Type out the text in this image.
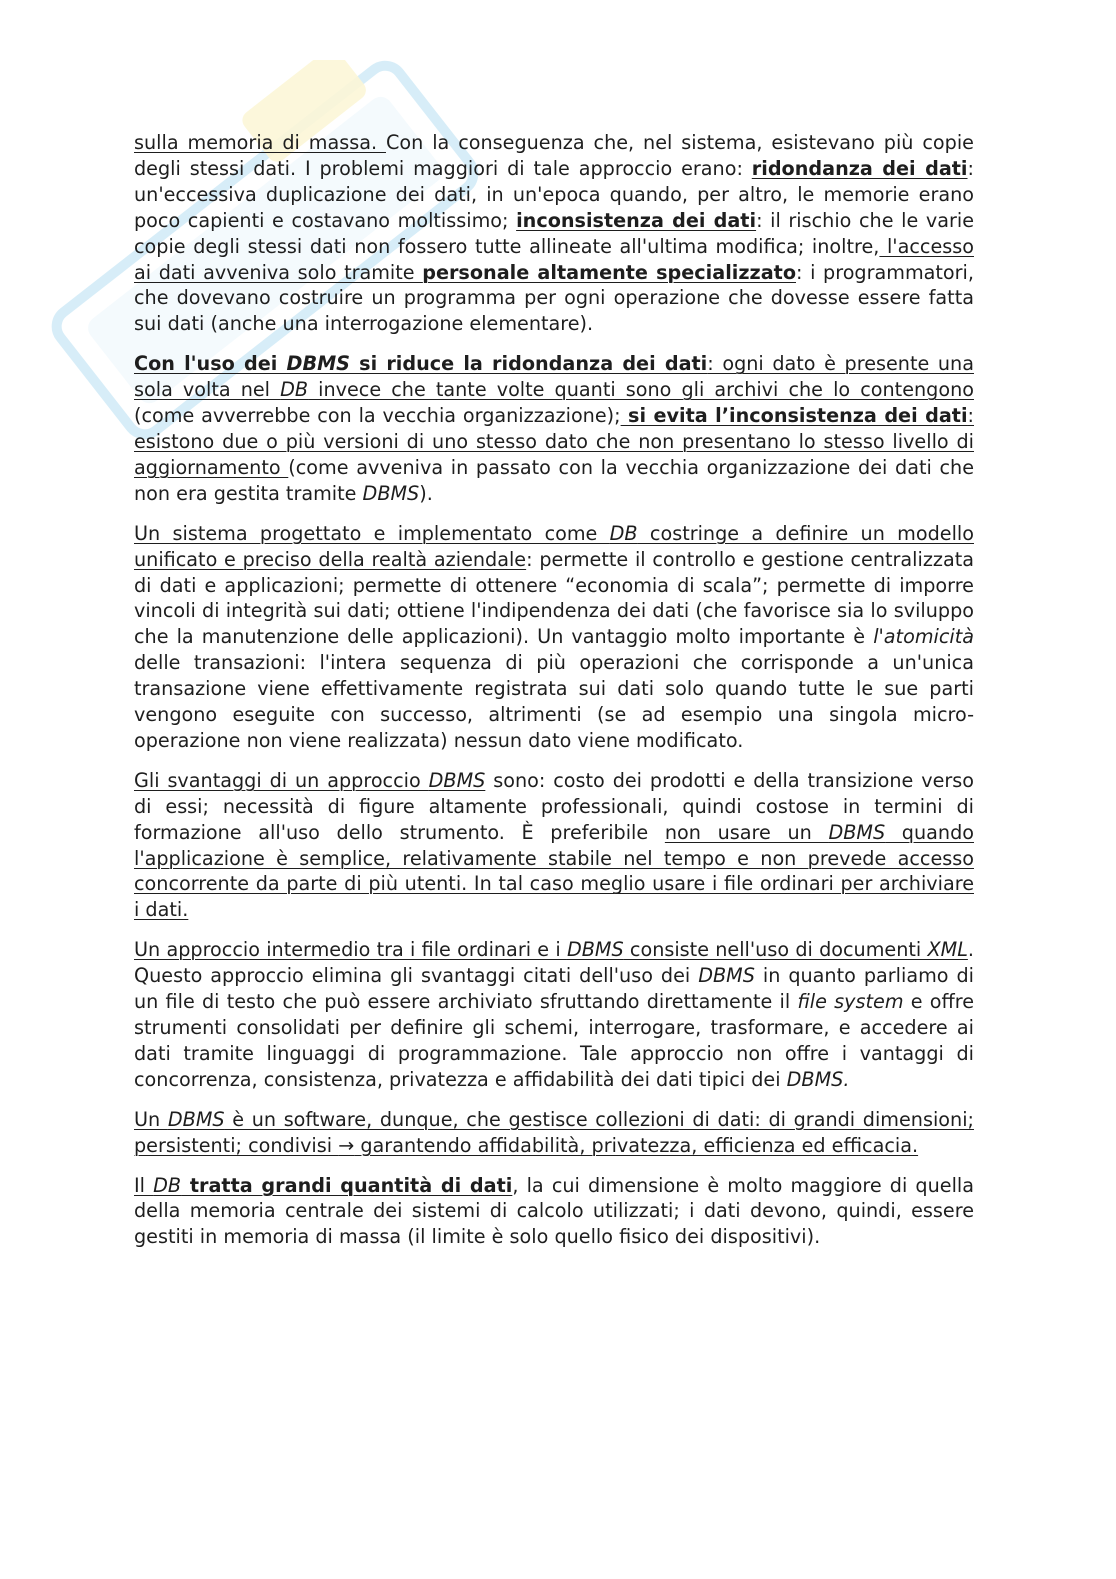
sulla memoria di massa. Con la conseguenza che, nel sistema, esistevano più copie degli stessi dati. I problemi maggiori di tale approccio erano: ridondanza dei dati: un'eccessiva duplicazione dei dati, in un'epoca quando, per altro, le memorie erano poco capienti e costavano moltissimo; inconsistenza dei dati: il rischio che le varie copie degli stessi dati non fossero tutte allineate all'ultima modifica; inoltre, l'accesso ai dati avveniva solo tramite personale altamente specializzato: i programmatori, che dovevano costruire un programma per ogni operazione che dovesse essere fatta sui dati (anche una interrogazione elementare).

Con l'uso dei DBMS si riduce la ridondanza dei dati: ogni dato è presente una sola volta nel DB invece che tante volte quanti sono gli archivi che lo contengono (come avverrebbe con la vecchia organizzazione); si evita l’inconsistenza dei dati: esistono due o più versioni di uno stesso dato che non presentano lo stesso livello di aggiornamento (come avveniva in passato con la vecchia organizzazione dei dati che non era gestita tramite DBMS).

Un sistema progettato e implementato come DB costringe a definire un modello unificato e preciso della realtà aziendale: permette il controllo e gestione centralizzata di dati e applicazioni; permette di ottenere “economia di scala”; permette di imporre vincoli di integrità sui dati; ottiene l'indipendenza dei dati (che favorisce sia lo sviluppo che la manutenzione delle applicazioni). Un vantaggio molto importante è l'atomicità delle transazioni: l'intera sequenza di più operazioni che corrisponde a un'unica transazione viene effettivamente registrata sui dati solo quando tutte le sue parti vengono eseguite con successo, altrimenti (se ad esempio una singola micro-operazione non viene realizzata) nessun dato viene modificato.

Gli svantaggi di un approccio DBMS sono: costo dei prodotti e della transizione verso di essi; necessità di figure altamente professionali, quindi costose in termini di formazione all'uso dello strumento. È preferibile non usare un DBMS quando l'applicazione è semplice, relativamente stabile nel tempo e non prevede accesso concorrente da parte di più utenti. In tal caso meglio usare i file ordinari per archiviare i dati.

Un approccio intermedio tra i file ordinari e i DBMS consiste nell'uso di documenti XML. Questo approccio elimina gli svantaggi citati dell'uso dei DBMS in quanto parliamo di un file di testo che può essere archiviato sfruttando direttamente il file system e offre strumenti consolidati per definire gli schemi, interrogare, trasformare, e accedere ai dati tramite linguaggi di programmazione. Tale approccio non offre i vantaggi di concorrenza, consistenza, privatezza e affidabilità dei dati tipici dei DBMS.

Un DBMS è un software, dunque, che gestisce collezioni di dati: di grandi dimensioni; persistenti; condivisi → garantendo affidabilità, privatezza, efficienza ed efficacia.

Il DB tratta grandi quantità di dati, la cui dimensione è molto maggiore di quella della memoria centrale dei sistemi di calcolo utilizzati; i dati devono, quindi, essere gestiti in memoria di massa (il limite è solo quello fisico dei dispositivi).
